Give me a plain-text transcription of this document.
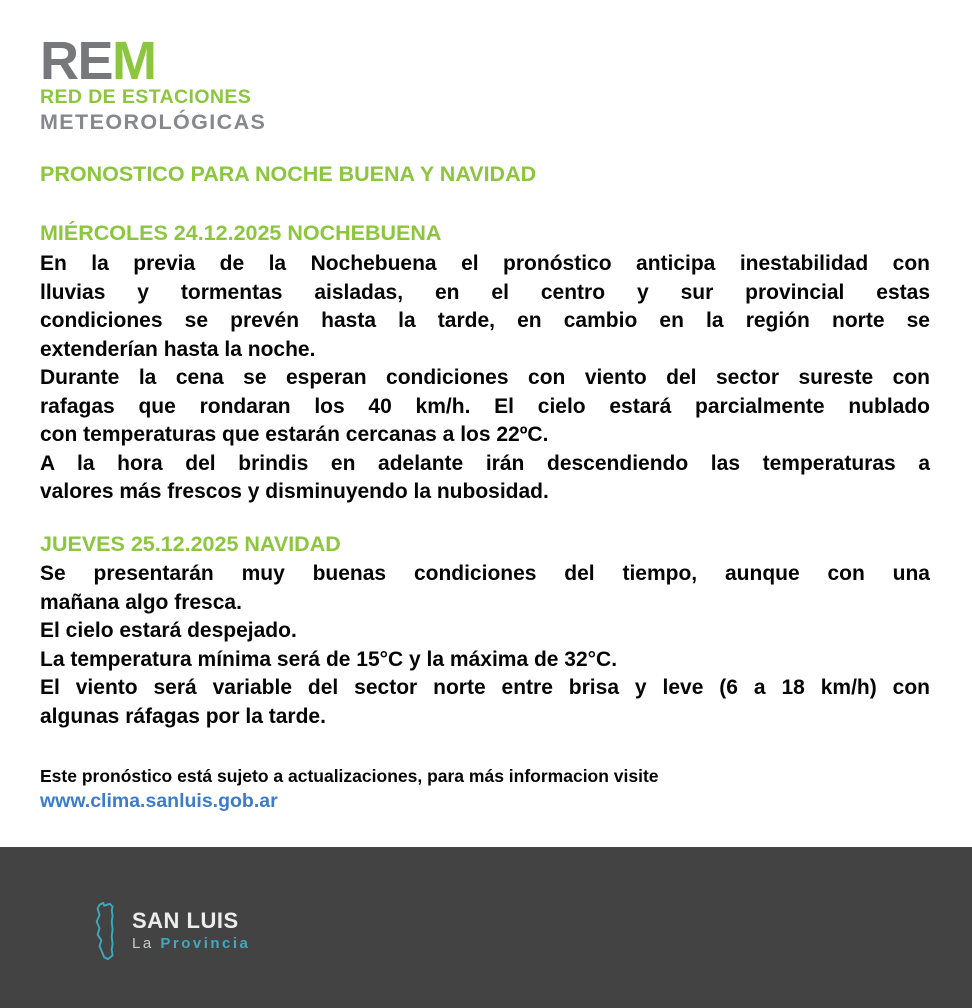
REM
RED DE ESTACIONES
METEOROLÓGICAS
PRONOSTICO PARA NOCHE BUENA Y NAVIDAD
MIÉRCOLES 24.12.2025 NOCHEBUENA
En la previa de la Nochebuena el pronóstico anticipa inestabilidad con
lluvias y tormentas aisladas, en el centro y sur provincial estas
condiciones se prevén hasta la tarde, en cambio en la región norte se
extenderían hasta la noche.
Durante la cena se esperan condiciones con viento del sector sureste con
rafagas que rondaran los 40 km/h. El cielo estará parcialmente nublado
con temperaturas que estarán cercanas a los 22ºC.
A la hora del brindis en adelante irán descendiendo las temperaturas a
valores más frescos y disminuyendo la nubosidad.
JUEVES 25.12.2025 NAVIDAD
Se presentarán muy buenas condiciones del tiempo, aunque con una
mañana algo fresca.
El cielo estará despejado.
La temperatura mínima será de 15°C y la máxima de 32°C.
El viento será variable del sector norte entre brisa y leve (6 a 18 km/h) con
algunas ráfagas por la tarde.
Este pronóstico está sujeto a actualizaciones, para más informacion visite
www.clima.sanluis.gob.ar
SAN LUIS
La Provincia
